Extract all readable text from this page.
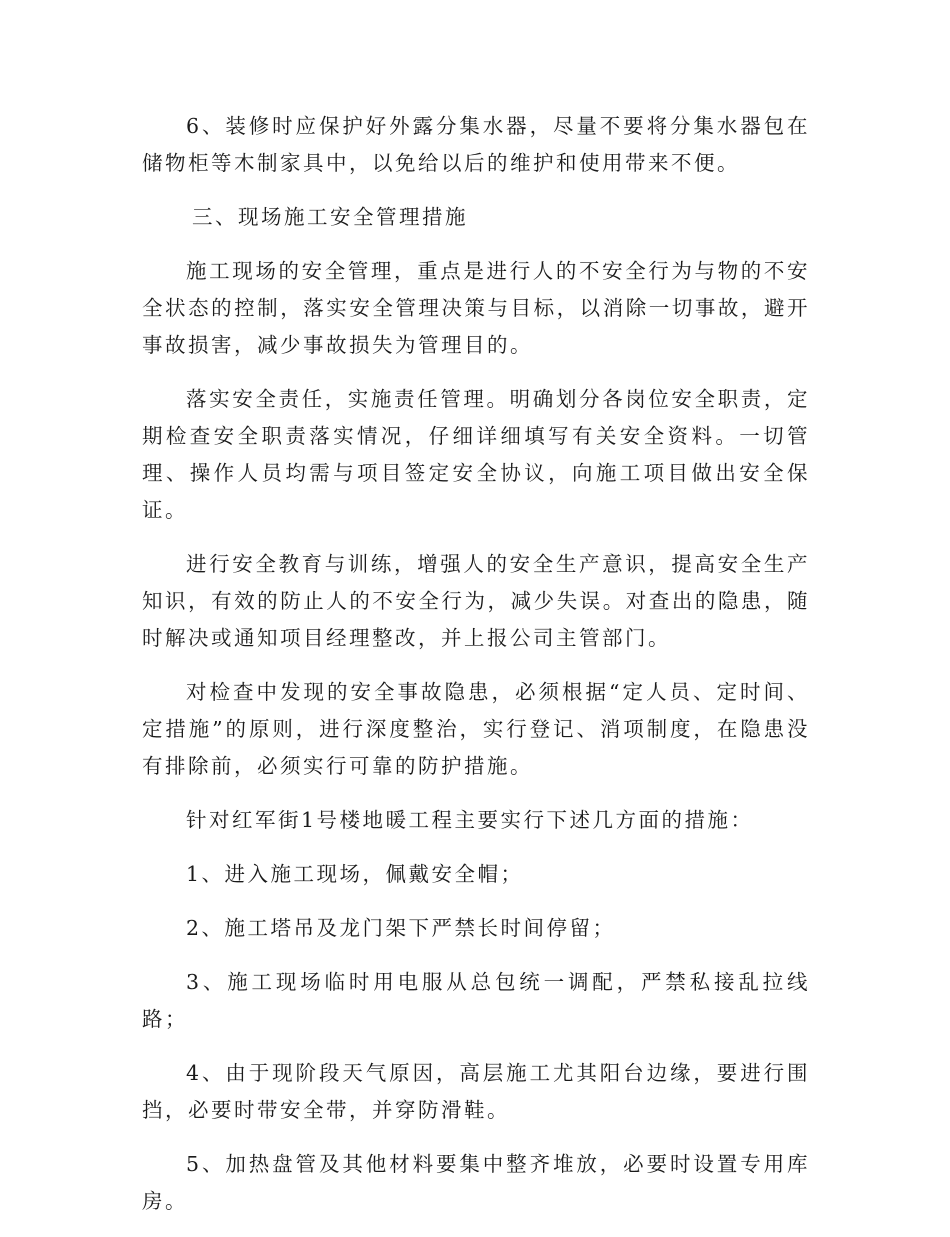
6、装修时应保护好外露分集水器，尽量不要将分集水器包在储物柜等木制家具中，以免给以后的维护和使用带来不便。

三、现场施工安全管理措施

施工现场的安全管理，重点是进行人的不安全行为与物的不安全状态的控制，落实安全管理决策与目标，以消除一切事故，避开事故损害，减少事故损失为管理目的。

落实安全责任，实施责任管理。明确划分各岗位安全职责，定期检查安全职责落实情况，仔细详细填写有关安全资料。一切管理、操作人员均需与项目签定安全协议，向施工项目做出安全保证。

进行安全教育与训练，增强人的安全生产意识，提高安全生产知识，有效的防止人的不安全行为，减少失误。对查出的隐患，随时解决或通知项目经理整改，并上报公司主管部门。

对检查中发现的安全事故隐患，必须根据“定人员、定时间、定措施”的原则，进行深度整治，实行登记、消项制度，在隐患没有排除前，必须实行可靠的防护措施。

针对红军街1号楼地暖工程主要实行下述几方面的措施：

1、进入施工现场，佩戴安全帽；

2、施工塔吊及龙门架下严禁长时间停留；

3、施工现场临时用电服从总包统一调配，严禁私接乱拉线路；

4、由于现阶段天气原因，高层施工尤其阳台边缘，要进行围挡，必要时带安全带，并穿防滑鞋。

5、加热盘管及其他材料要集中整齐堆放，必要时设置专用库房。
